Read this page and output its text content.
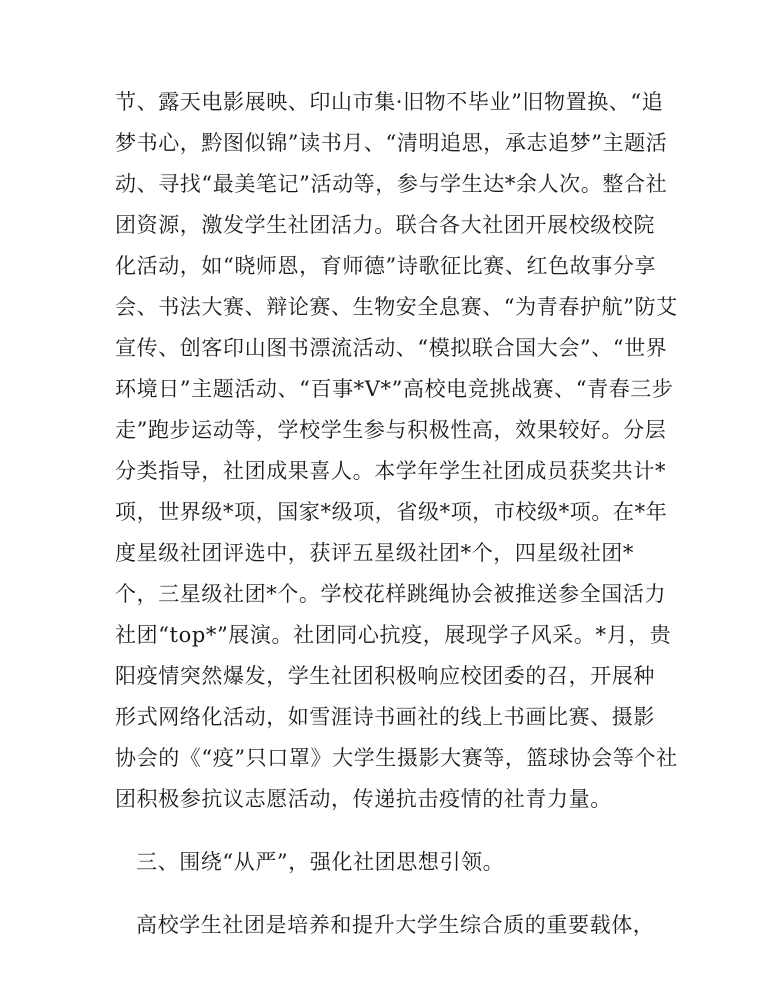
节、露天电影展映、印山市集·旧物不毕业”旧物置换、“追
梦书心，黔图似锦”读书月、“清明追思，承志追梦”主题活
动、寻找“最美笔记”活动等，参与学生达*余人次。整合社
团资源，激发学生社团活力。联合各大社团开展校级校院
化活动，如“晓师恩，育师德”诗歌征比赛、红色故事分享
会、书法大赛、辩论赛、生物安全息赛、“为青春护航”防艾
宣传、创客印山图书漂流活动、“模拟联合国大会”、“世界
环境日”主题活动、“百事*V*”高校电竞挑战赛、“青春三步
走”跑步运动等，学校学生参与积极性高，效果较好。分层
分类指导，社团成果喜人。本学年学生社团成员获奖共计*
项，世界级*项，国家*级项，省级*项，市校级*项。在*年
度星级社团评选中，获评五星级社团*个，四星级社团*
个，三星级社团*个。学校花样跳绳协会被推送参全国活力
社团“top*”展演。社团同心抗疫，展现学子风采。*月，贵
阳疫情突然爆发，学生社团积极响应校团委的召，开展种
形式网络化活动，如雪涯诗书画社的线上书画比赛、摄影
协会的《“疫”只口罩》大学生摄影大赛等，篮球协会等个社
团积极参抗议志愿活动，传递抗击疫情的社青力量。
三、围绕“从严”，强化社团思想引领。
高校学生社团是培养和提升大学生综合质的重要载体，
